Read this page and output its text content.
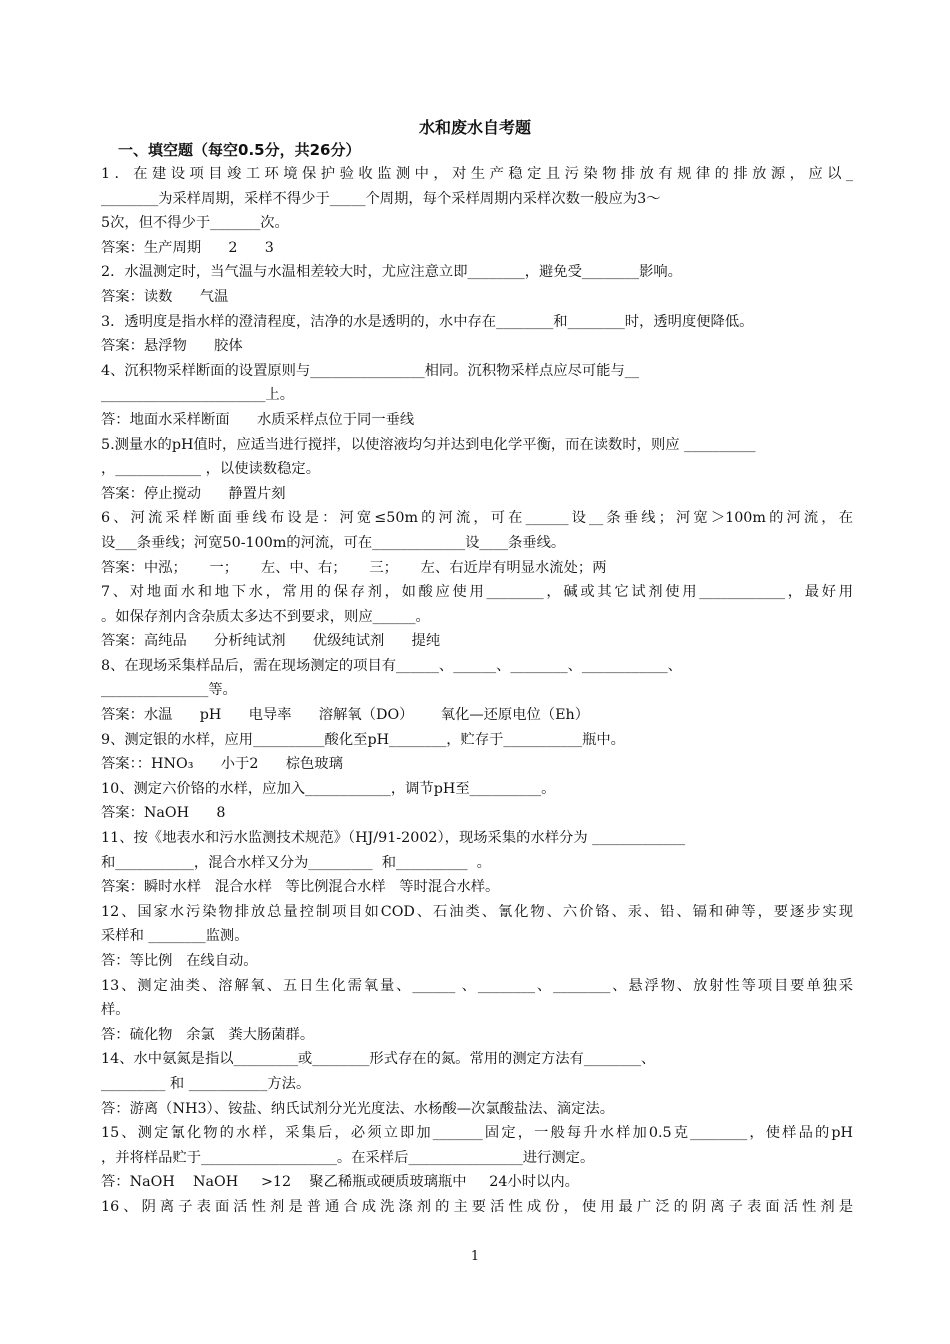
水和废水自考题
一、填空题（每空0.5分，共26分）
1．在建设项目竣工环境保护验收监测中，对生产稳定且污染物排放有规律的排放源，应以_
________为采样周期，采样不得少于_____个周期，每个采样周期内采样次数一般应为3～
5次，但不得少于_______次。
答案：生产周期      2      3
2．水温测定时，当气温与水温相差较大时，尤应注意立即________，避免受________影响。
答案：读数      气温
3．透明度是指水样的澄清程度，洁净的水是透明的，水中存在________和________时，透明度便降低。
答案：悬浮物      胶体
4、沉积物采样断面的设置原则与________________相同。沉积物采样点应尽可能与__
_______________________上。
答：地面水采样断面      水质采样点位于同一垂线
5.测量水的pH值时，应适当进行搅拌，以使溶液均匀并达到电化学平衡，而在读数时，则应 __________
，____________ ，以使读数稳定。
答案：停止搅动      静置片刻
6、河流采样断面垂线布设是：河宽≤50m的河流，可在______设__条垂线；河宽＞100m的河流，在
设___条垂线；河宽50-100m的河流，可在_____________设____条垂线。
答案：中泓；     一；     左、中、右；     三；     左、右近岸有明显水流处；两
7、对地面水和地下水，常用的保存剂，如酸应使用________，碱或其它试剂使用____________，最好用
。如保存剂内含杂质太多达不到要求，则应______。
答案：高纯品      分析纯试剂      优级纯试剂      提纯
8、在现场采集样品后，需在现场测定的项目有______、______、________、____________、
_______________等。
答案：水温      pH      电导率      溶解氧（DO）      氧化—还原电位（Eh）
9、测定银的水样，应用__________酸化至pH________，贮存于___________瓶中。
答案：：HNO₃      小于2      棕色玻璃
10、测定六价铬的水样，应加入____________，调节pH至__________。
答案：NaOH      8
11、按《地表水和污水监测技术规范》（HJ/91-2002），现场采集的水样分为 _____________
和___________，混合水样又分为_________  和__________  。
答案：瞬时水样   混合水样   等比例混合水样   等时混合水样。
12、国家水污染物排放总量控制项目如COD、石油类、氰化物、六价铬、汞、铅、镉和砷等，要逐步实现
采样和 ________监测。
答：等比例   在线自动。
13、测定油类、溶解氧、五日生化需氧量、______ 、________、________、悬浮物、放射性等项目要单独采
样。
答：硫化物   余氯   粪大肠菌群。
14、水中氨氮是指以_________或________形式存在的氮。常用的测定方法有________、
_________ 和 ___________方法。
答：游离（NH3）、铵盐、纳氏试剂分光光度法、水杨酸—次氯酸盐法、滴定法。
15、测定氰化物的水样，采集后，必须立即加_______固定，一般每升水样加0.5克________，使样品的pH
，并将样品贮于___________________。在采样后________________进行测定。
答：NaOH    NaOH     >12    聚乙稀瓶或硬质玻璃瓶中     24小时以内。
16、阴离子表面活性剂是普通合成洗涤剂的主要活性成份，使用最广泛的阴离子表面活性剂是
1
